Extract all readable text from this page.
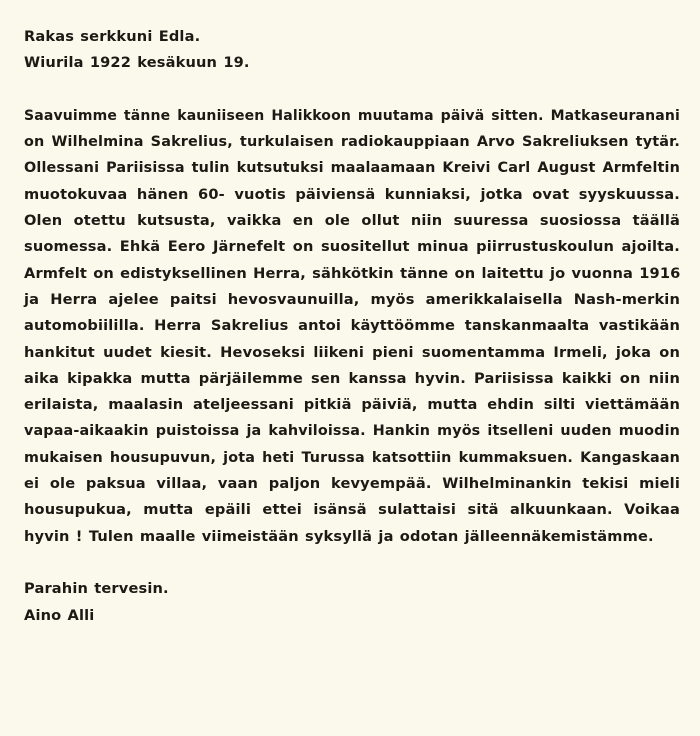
Rakas serkkuni Edla.
Wiurila 1922 kesäkuun 19.
Saavuimme tänne kauniiseen Halikkoon muutama päivä sitten. Matkaseuranani
on Wilhelmina Sakrelius, turkulaisen radiokauppiaan Arvo Sakreliuksen tytär.
Ollessani Pariisissa tulin kutsutuksi maalaamaan Kreivi Carl August Armfeltin
muotokuvaa hänen 60- vuotis päiviensä kunniaksi, jotka ovat syyskuussa.
Olen otettu kutsusta, vaikka en ole ollut niin suuressa suosiossa täällä
suomessa. Ehkä Eero Järnefelt on suositellut minua piirrustuskoulun ajoilta.
Armfelt on edistyksellinen Herra, sähkötkin tänne on laitettu jo vuonna 1916
ja Herra ajelee paitsi hevosvaunuilla, myös amerikkalaisella Nash-merkin
automobiililla. Herra Sakrelius antoi käyttöömme tanskanmaalta vastikään
hankitut uudet kiesit. Hevoseksi liikeni pieni suomentamma Irmeli, joka on
aika kipakka mutta pärjäilemme sen kanssa hyvin. Pariisissa kaikki on niin
erilaista, maalasin ateljeessani pitkiä päiviä, mutta ehdin silti viettämään
vapaa-aikaakin puistoissa ja kahviloissa. Hankin myös itselleni uuden muodin
mukaisen housupuvun, jota heti Turussa katsottiin kummaksuen. Kangaskaan
ei ole paksua villaa, vaan paljon kevyempää. Wilhelminankin tekisi mieli
housupukua, mutta epäili ettei isänsä sulattaisi sitä alkuunkaan. Voikaa
hyvin ! Tulen maalle viimeistään syksyllä ja odotan jälleennäkemistämme.
Parahin tervesin.
Aino Alli
